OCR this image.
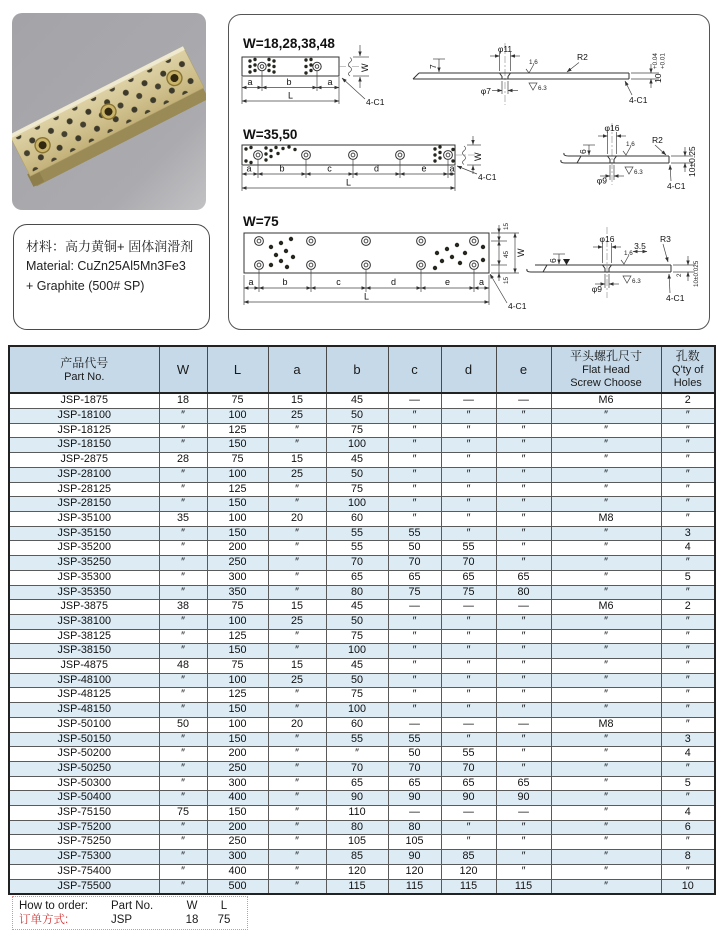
材料：高力黄铜+ 固体润滑剂
Material: CuZn25Al5Mn3Fe3
+ Graphite (500# SP)
W=18,28,38,48
a	b	a
L
W
4-C1
φ11
7
φ7
R2
10
+0.04 +0.01
1.6
6.3
4-C1
W=35,50
a	b	c	d	e	a
L
W
4-C1
φ16
R2
10±0.25
6
φ9
1.6
6.3
4-C1
W=75	15
45
15
W
a	b	c	d	e	a
L
4-C1
φ16
3.5
R3
10±0.025
2
6
φ9
1.6
6.3
4-C1
产品代号
Part No.	W	L	a	b	c	d	e	平头螺孔尺寸
Flat Head
Screw Choose	孔数
Q'ty of Holes

JSP-1875	18	75	15	45	—	—	—	M6	2
JSP-18100	″	100	25	50	″	″	″	″	″
JSP-18125	″	125	″	75	″	″	″	″	″
JSP-18150	″	150	″	100	″	″	″	″	″
JSP-2875	28	75	15	45	″	″	″	″	″
JSP-28100	″	100	25	50	″	″	″	″	″
JSP-28125	″	125	″	75	″	″	″	″	″
JSP-28150	″	150	″	100	″	″	″	″	″
JSP-35100	35	100	20	60	″	″	″	M8	″
JSP-35150	″	150	″	55	55	″	″	″	3
JSP-35200	″	200	″	55	50	55	″	″	4
JSP-35250	″	250	″	70	70	70	″	″	″
JSP-35300	″	300	″	65	65	65	65	″	5
JSP-35350	″	350	″	80	75	75	80	″	″
JSP-3875	38	75	15	45	—	—	—	M6	2
JSP-38100	″	100	25	50	″	″	″	″	″
JSP-38125	″	125	″	75	″	″	″	″	″
JSP-38150	″	150	″	100	″	″	″	″	″
JSP-4875	48	75	15	45	″	″	″	″	″
JSP-48100	″	100	25	50	″	″	″	″	″
JSP-48125	″	125	″	75	″	″	″	″	″
JSP-48150	″	150	″	100	″	″	″	″	″
JSP-50100	50	100	20	60	—	—	—	M8	″
JSP-50150	″	150	″	55	55	″	″	″	3
JSP-50200	″	200	″	″	50	55	″	″	4
JSP-50250	″	250	″	70	70	70	″	″	″
JSP-50300	″	300	″	65	65	65	65	″	5
JSP-50400	″	400	″	90	90	90	90	″	″
JSP-75150	75	150	″	110	—	—	—	″	4
JSP-75200	″	200	″	80	80	″	″	″	6
JSP-75250	″	250	″	105	105	″	″	″	″
JSP-75300	″	300	″	85	90	85	″	″	8
JSP-75400	″	400	″	120	120	120	″	″	″
JSP-75500	″	500	″	115	115	115	115	″	10
How to order:	Part No.	W	L
订单方式:	JSP	18	75
